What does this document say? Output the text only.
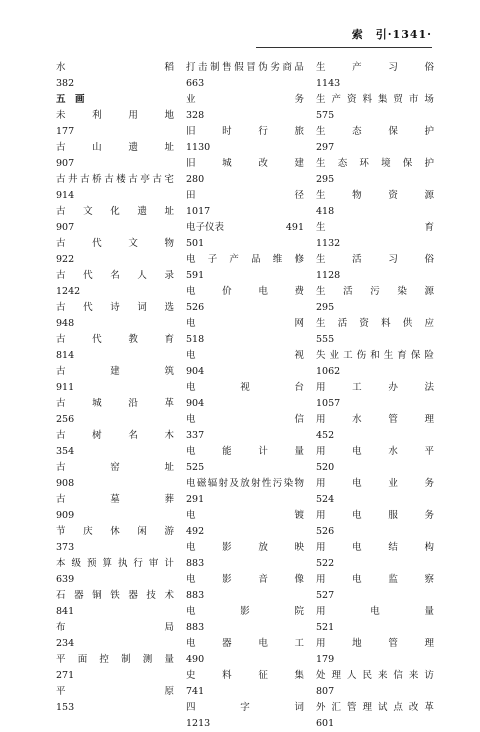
索　引·1341·
水	稻
382
五　画
未	利	用	地
177
古	山	遗	址
907
古 井 古 桥 古 楼 古 亭 古 宅
914
古 文 化 遗 址
907
古	代	文	物
922
古 代 名 人 录
1242
古 代 诗 词 选
948
古	代	教	育
814
古	建	筑
911
古	城	沿	革
256
古	树	名	木
354
古	窑	址
908
古	墓	葬
909
节 庆 休 闲 游
373
本 级 预 算 执 行 审 计
639
石 器 铜 铁 器 技 术
841
布	局
234
平 面 控 制 测 量
271
平	原
153
打 击 制 售 假 冒 伪 劣 商 品
663
业	务
328
旧	时	行	旅
1130
旧	城	改	建
280
田	径
1017
电子仪表	491
501
电 子 产 品 维 修
591
电	价	电	费
526
电	网
518
电	视
904
电	视	台
904
电	信
337
电	能	计	量
525
电 磁 辐 射 及 放 射 性 污 染 物
291
电	镀
492
电	影	放	映
883
电	影	音	像
883
电	影	院
883
电	器	电	工
490
史	料	征	集
741
四	字	词
1213
生	产	习	俗
1143
生 产 资 料 集 贸 市 场
575
生	态	保	护
297
生 态 环 境 保 护
295
生	物	资	源
418
生	育
1132
生	活	习	俗
1128
生 活 污 染 源
295
生 活 资 料 供 应
555
失 业 工 伤 和 生 育 保 险
1062
用	工	办	法
1057
用	水	管	理
452
用	电	水	平
520
用	电	业	务
524
用	电	服	务
526
用	电	结	构
522
用	电	监	察
527
用	电	量
521
用	地	管	理
179
处 理 人 民 来 信 来 访
807
外 汇 管 理 试 点 改 革
601
